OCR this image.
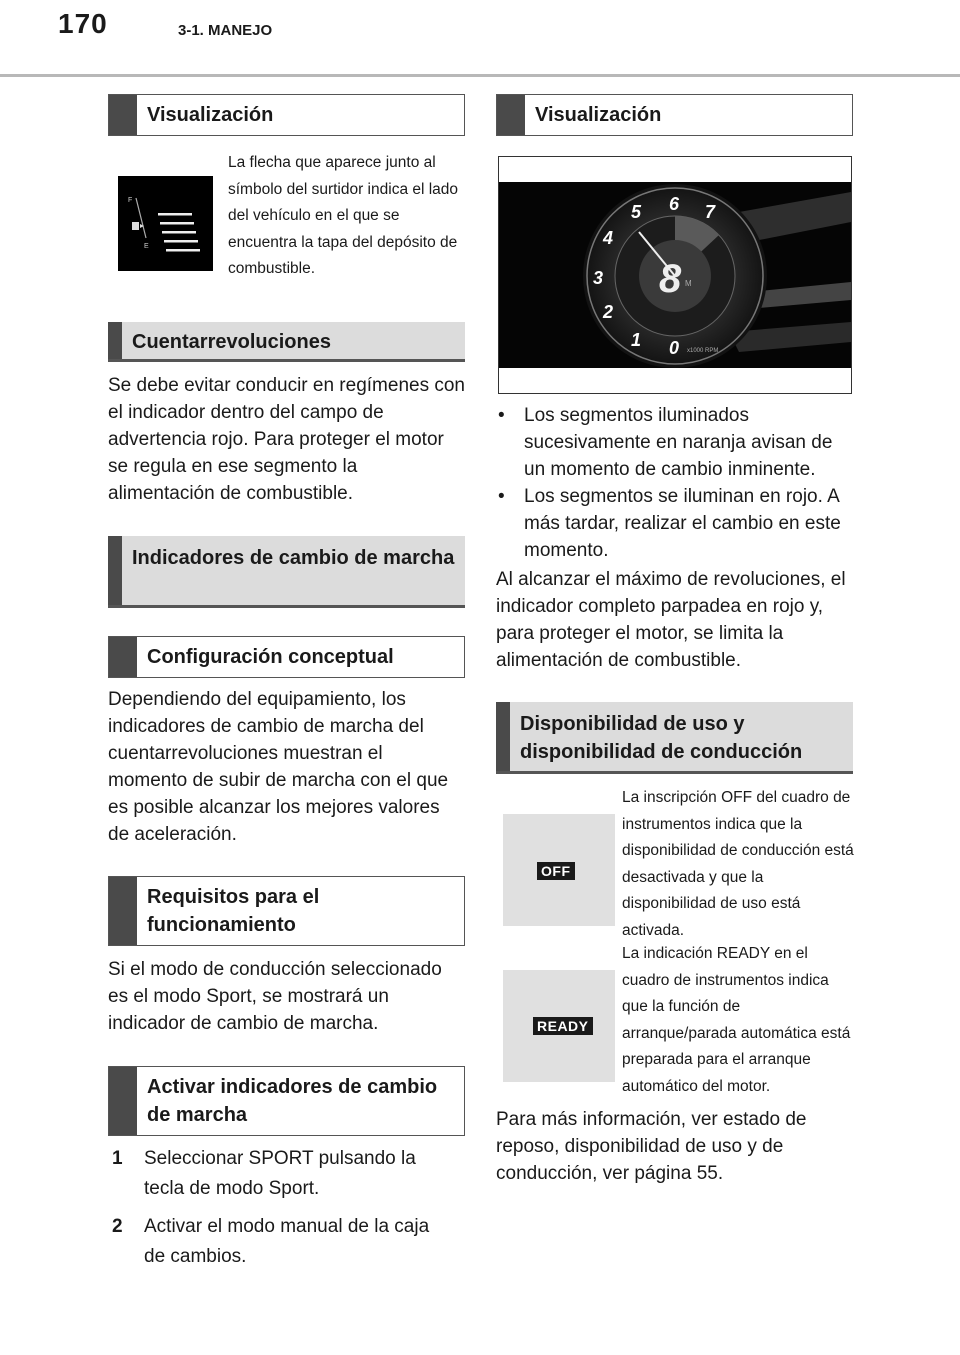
170	3-1. MANEJO
Visualización
F
E
La flecha que aparece junto al símbolo del surtidor indica el lado del vehículo en el que se encuentra la tapa del depósito de combustible.
Cuentarrevoluciones
Se debe evitar conducir en regímenes con el indicador dentro del campo de advertencia rojo. Para proteger el motor se regula en ese segmento la alimentación de combustible.
Indicadores de cambio de marcha
Configuración conceptual
Dependiendo del equipamiento, los indicadores de cambio de marcha del cuentarrevoluciones muestran el momento de subir de marcha con el que es posible alcanzar los mejores valores de aceleración.
Requisitos para el funcionamiento
Si el modo de conducción seleccionado es el modo Sport, se mostrará un indicador de cambio de marcha.
Activar indicadores de cambio de marcha
1	Seleccionar SPORT pulsando la tecla de modo Sport.
2	Activar el modo manual de la caja de cambios.
Visualización
8 M
0
1
2
3
4
5 6 7
x1000 RPM
•	Los segmentos iluminados sucesivamente en naranja avisan de un momento de cambio inminente.
•	Los segmentos se iluminan en rojo. A más tardar, realizar el cambio en este momento.
Al alcanzar el máximo de revoluciones, el indicador completo parpadea en rojo y, para proteger el motor, se limita la alimentación de combustible.
Disponibilidad de uso y disponibilidad de conducción
OFF
La inscripción OFF del cuadro de instrumentos indica que la disponibilidad de conducción está desactivada y que la disponibilidad de uso está activada.
READY
La indicación READY en el cuadro de instrumentos indica que la función de arranque/parada automática está preparada para el arranque automático del motor.
Para más información, ver estado de reposo, disponibilidad de uso y de conducción, ver página 55.
